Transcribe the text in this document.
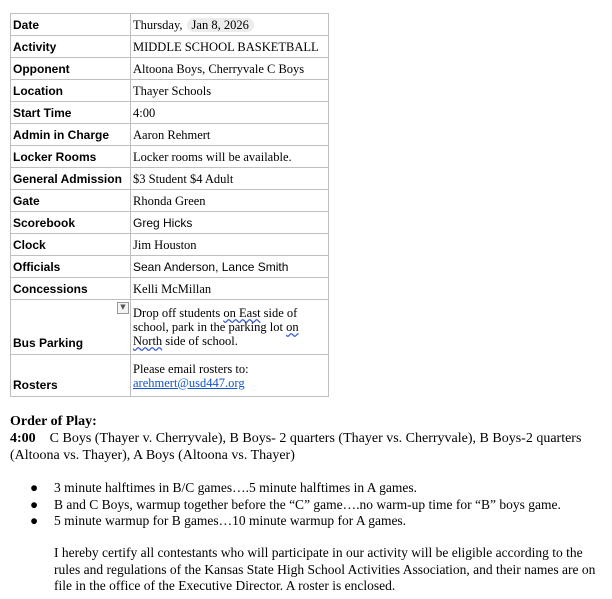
Date	Thursday, Jan 8, 2026
Activity	MIDDLE SCHOOL BASKETBALL
Opponent	Altoona Boys, Cherryvale C Boys
Location	Thayer Schools
Start Time	4:00
Admin in Charge	Aaron Rehmert
Locker Rooms	Locker rooms will be available.
General Admission	$3 Student $4 Adult
Gate	Rhonda Green
Scorebook	Greg Hicks
Clock	Jim Houston
Officials	Sean Anderson, Lance Smith
Concessions	Kelli McMillan
Bus Parking	▼ Drop off students on East side of school, park in the parking lot on North side of school.
Rosters	Please email rosters to:
arehmert@usd447.org
Order of Play:
4:00 C Boys (Thayer v. Cherryvale), B Boys- 2 quarters (Thayer vs. Cherryvale), B Boys-2 quarters (Altoona vs. Thayer), A Boys (Altoona vs. Thayer)
● 3 minute halftimes in B/C games….5 minute halftimes in A games.
● B and C Boys, warmup together before the “C” game….no warm-up time for “B” boys game.
● 5 minute warmup for B games…10 minute warmup for A games.
I hereby certify all contestants who will participate in our activity will be eligible according to the rules and regulations of the Kansas State High School Activities Association, and their names are on file in the office of the Executive Director. A roster is enclosed.
